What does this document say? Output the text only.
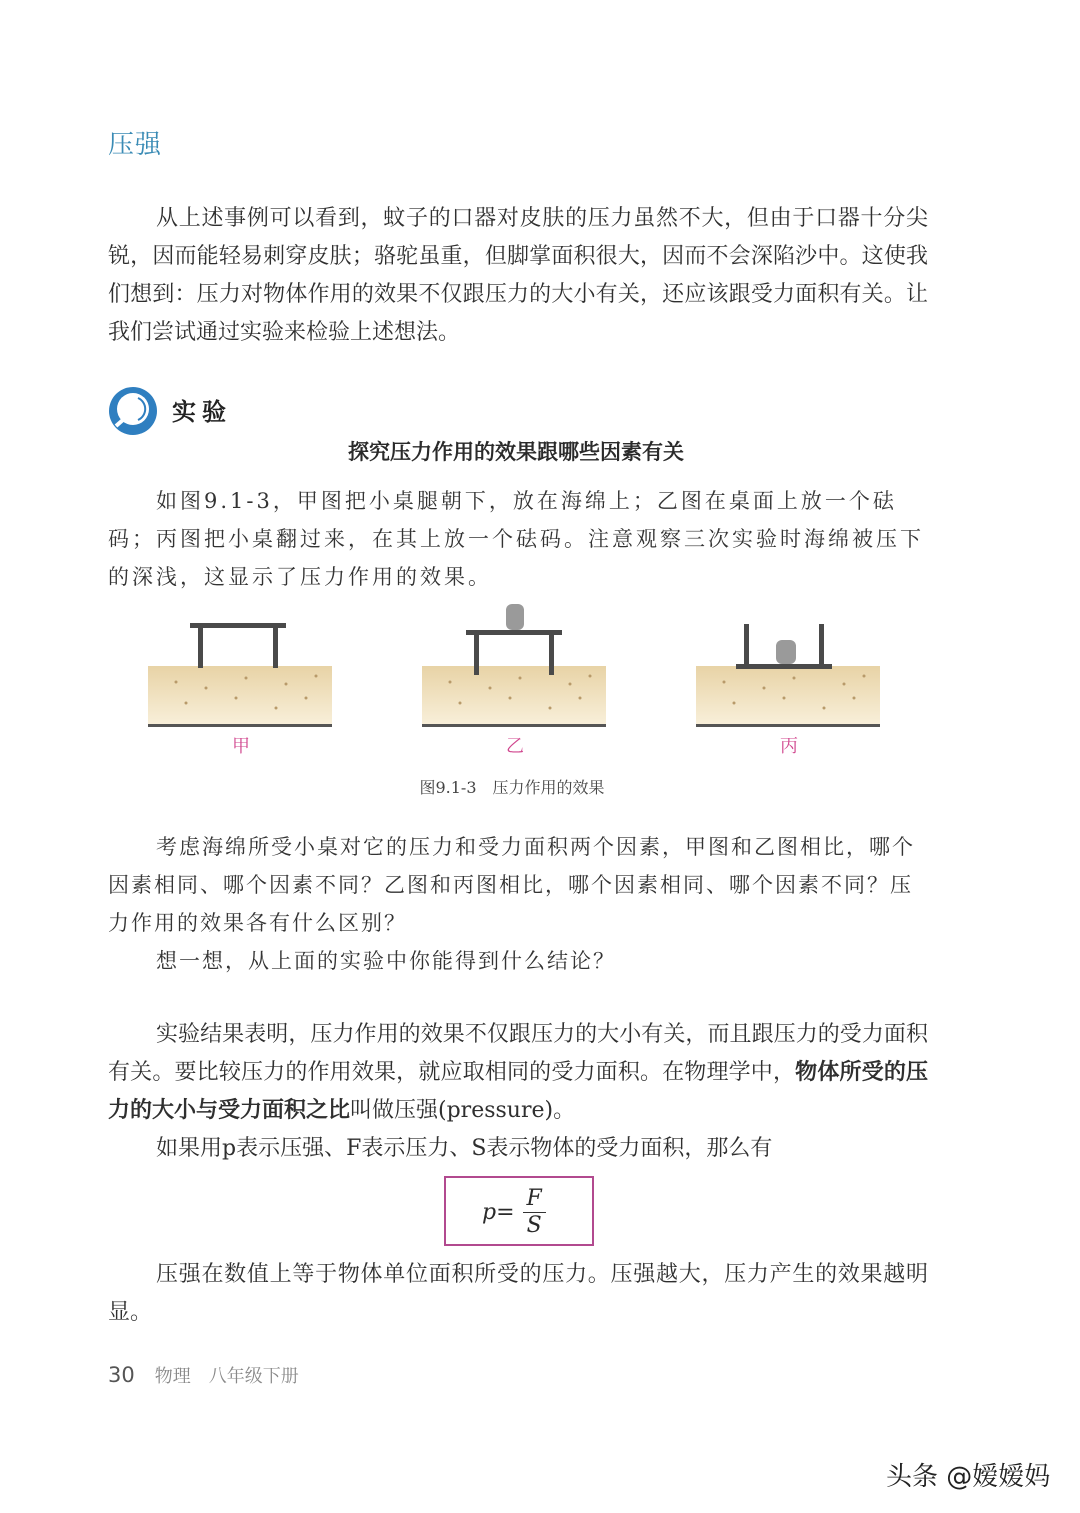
压强
从上述事例可以看到，蚊子的口器对皮肤的压力虽然不大，但由于口器十分尖锐，因而能轻易刺穿皮肤；骆驼虽重，但脚掌面积很大，因而不会深陷沙中。这使我们想到：压力对物体作用的效果不仅跟压力的大小有关，还应该跟受力面积有关。让我们尝试通过实验来检验上述想法。
实验
探究压力作用的效果跟哪些因素有关
如图9.1-3，甲图把小桌腿朝下，放在海绵上；乙图在桌面上放一个砝码；丙图把小桌翻过来，在其上放一个砝码。注意观察三次实验时海绵被压下的深浅，这显示了压力作用的效果。
甲	乙	丙
图9.1-3　压力作用的效果
考虑海绵所受小桌对它的压力和受力面积两个因素，甲图和乙图相比，哪个因素相同、哪个因素不同？乙图和丙图相比，哪个因素相同、哪个因素不同？压力作用的效果各有什么区别？
想一想，从上面的实验中你能得到什么结论？
实验结果表明，压力作用的效果不仅跟压力的大小有关，而且跟压力的受力面积有关。要比较压力的作用效果，就应取相同的受力面积。在物理学中，物体所受的压力的大小与受力面积之比叫做压强(pressure)。
如果用p表示压强、F表示压力、S表示物体的受力面积，那么有
$p= \frac{F}{S}$
压强在数值上等于物体单位面积所受的压力。压强越大，压力产生的效果越明显。
30 物理 八年级下册
头条 @嫒嫒妈
